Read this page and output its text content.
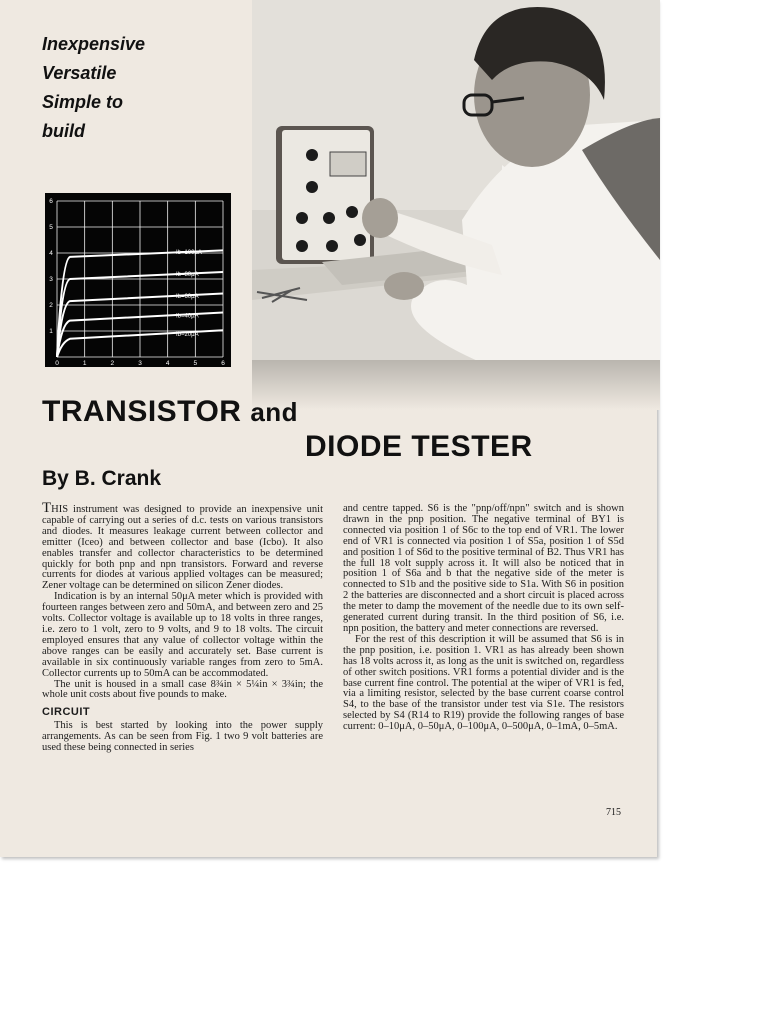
Inexpensive
Versatile
Simple to
build
0	1	2	3	4	5	6
1
2
3
4
5
6
Ib=100μA
Ib=80μA
Ib=60μA
Ib=40μA
Ib=20μA
TRANSISTOR and
DIODE TESTER
By B. Crank

THIS instrument was designed to provide an inexpensive unit capable of carrying out a series of d.c. tests on various transistors and diodes. It measures leakage current between collector and emitter (Iceo) and between collector and base (Icbo). It also enables transfer and collector characteristics to be determined quickly for both pnp and npn transistors. Forward and reverse currents for diodes at various applied voltages can be measured; Zener voltage can be determined on silicon Zener diodes.

Indication is by an internal 50μA meter which is provided with fourteen ranges between zero and 50mA, and between zero and 25 volts. Collector voltage is available up to 18 volts in three ranges, i.e. zero to 1 volt, zero to 9 volts, and 9 to 18 volts. The circuit employed ensures that any value of collector voltage within the above ranges can be easily and accurately set. Base current is available in six continuously variable ranges from zero to 5mA. Collector currents up to 50mA can be accommodated.

The unit is housed in a small case 8¾in × 5¼in × 3¾in; the whole unit costs about five pounds to make.

CIRCUIT

This is best started by looking into the power supply arrangements. As can be seen from Fig. 1 two 9 volt batteries are used these being connected in series

and centre tapped. S6 is the "pnp/off/npn" switch and is shown drawn in the pnp position. The negative terminal of BY1 is connected via position 1 of S6c to the top end of VR1. The lower end of VR1 is connected via position 1 of S5a, position 1 of S5d and position 1 of S6d to the positive terminal of B2. Thus VR1 has the full 18 volt supply across it. It will also be noticed that in position 1 of S6a and b that the negative side of the meter is connected to S1b and the positive side to S1a. With S6 in position 2 the batteries are disconnected and a short circuit is placed across the meter to damp the movement of the needle due to its own self-generated current during transit. In the third position of S6, i.e. npn position, the battery and meter connections are reversed.

For the rest of this description it will be assumed that S6 is in the pnp position, i.e. position 1. VR1 as has already been shown has 18 volts across it, as long as the unit is switched on, regardless of other switch positions. VR1 forms a potential divider and is the base current fine control. The potential at the wiper of VR1 is fed, via a limiting resistor, selected by the base current coarse control S4, to the base of the transistor under test via S1e. The resistors selected by S4 (R14 to R19) provide the following ranges of base current: 0–10μA, 0–50μA, 0–100μA, 0–500μA, 0–1mA, 0–5mA.

715
